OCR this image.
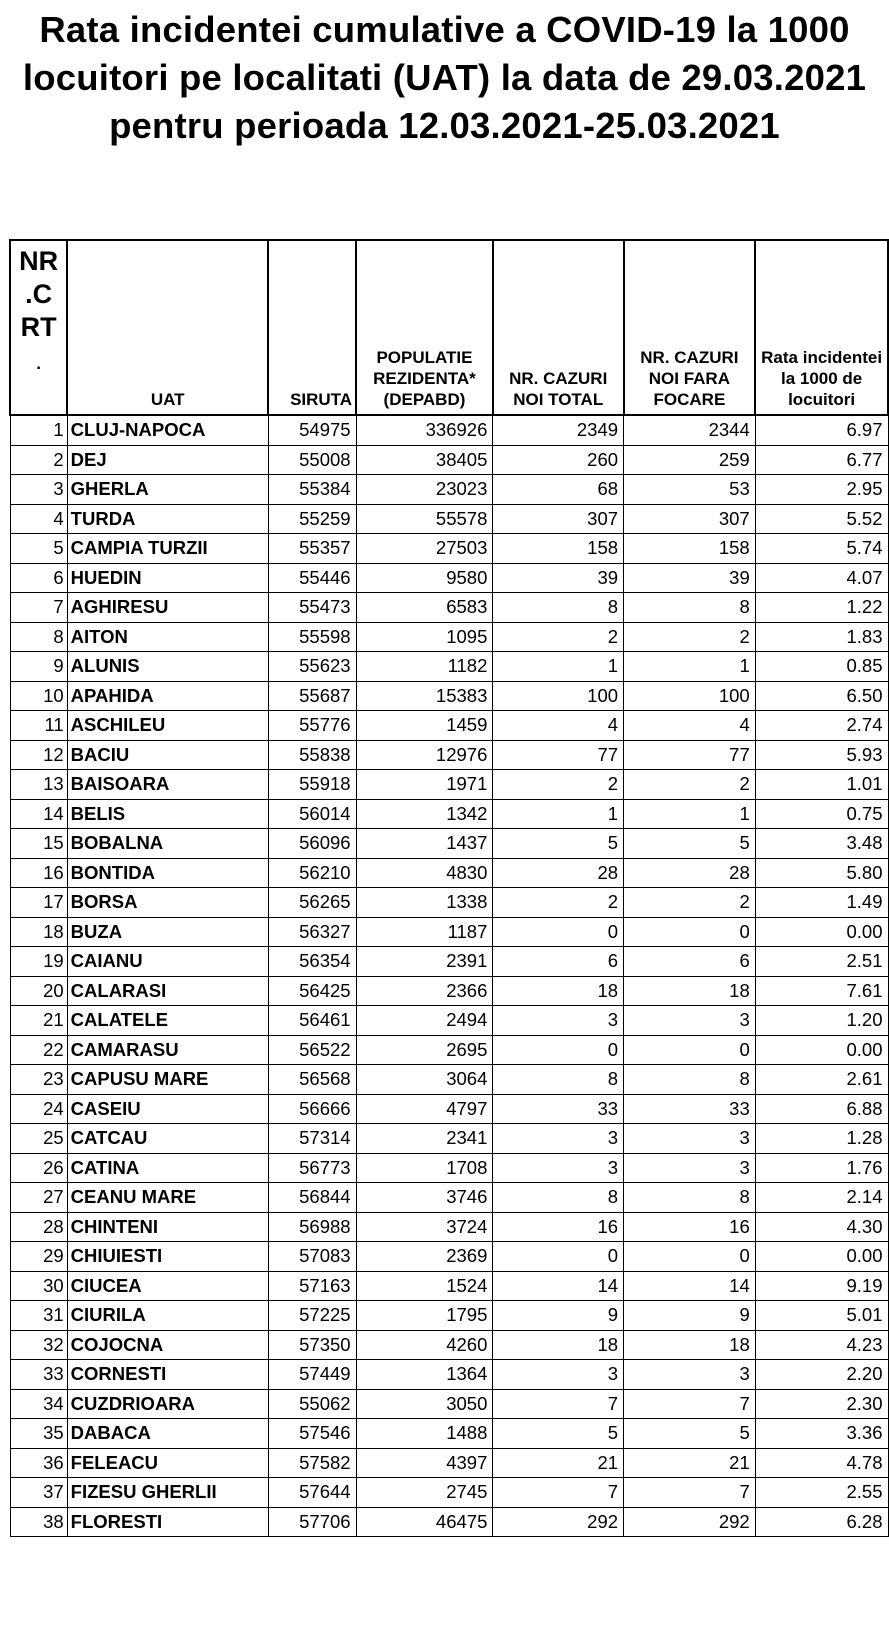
Rata incidentei cumulative a COVID-19 la 1000 locuitori pe localitati (UAT) la data de 29.03.2021 pentru perioada 12.03.2021-25.03.2021
NR
.C
RT
.	UAT	SIRUTA	POPULATIE REZIDENTA* (DEPABD)	NR. CAZURI NOI TOTAL	NR. CAZURI NOI FARA FOCARE	Rata incidentei la 1000 de locuitori
1	CLUJ-NAPOCA	54975	336926	2349	2344	6.97
2	DEJ	55008	38405	260	259	6.77
3	GHERLA	55384	23023	68	53	2.95
4	TURDA	55259	55578	307	307	5.52
5	CAMPIA TURZII	55357	27503	158	158	5.74
6	HUEDIN	55446	9580	39	39	4.07
7	AGHIRESU	55473	6583	8	8	1.22
8	AITON	55598	1095	2	2	1.83
9	ALUNIS	55623	1182	1	1	0.85
10	APAHIDA	55687	15383	100	100	6.50
11	ASCHILEU	55776	1459	4	4	2.74
12	BACIU	55838	12976	77	77	5.93
13	BAISOARA	55918	1971	2	2	1.01
14	BELIS	56014	1342	1	1	0.75
15	BOBALNA	56096	1437	5	5	3.48
16	BONTIDA	56210	4830	28	28	5.80
17	BORSA	56265	1338	2	2	1.49
18	BUZA	56327	1187	0	0	0.00
19	CAIANU	56354	2391	6	6	2.51
20	CALARASI	56425	2366	18	18	7.61
21	CALATELE	56461	2494	3	3	1.20
22	CAMARASU	56522	2695	0	0	0.00
23	CAPUSU MARE	56568	3064	8	8	2.61
24	CASEIU	56666	4797	33	33	6.88
25	CATCAU	57314	2341	3	3	1.28
26	CATINA	56773	1708	3	3	1.76
27	CEANU MARE	56844	3746	8	8	2.14
28	CHINTENI	56988	3724	16	16	4.30
29	CHIUIESTI	57083	2369	0	0	0.00
30	CIUCEA	57163	1524	14	14	9.19
31	CIURILA	57225	1795	9	9	5.01
32	COJOCNA	57350	4260	18	18	4.23
33	CORNESTI	57449	1364	3	3	2.20
34	CUZDRIOARA	55062	3050	7	7	2.30
35	DABACA	57546	1488	5	5	3.36
36	FELEACU	57582	4397	21	21	4.78
37	FIZESU GHERLII	57644	2745	7	7	2.55
38	FLORESTI	57706	46475	292	292	6.28
